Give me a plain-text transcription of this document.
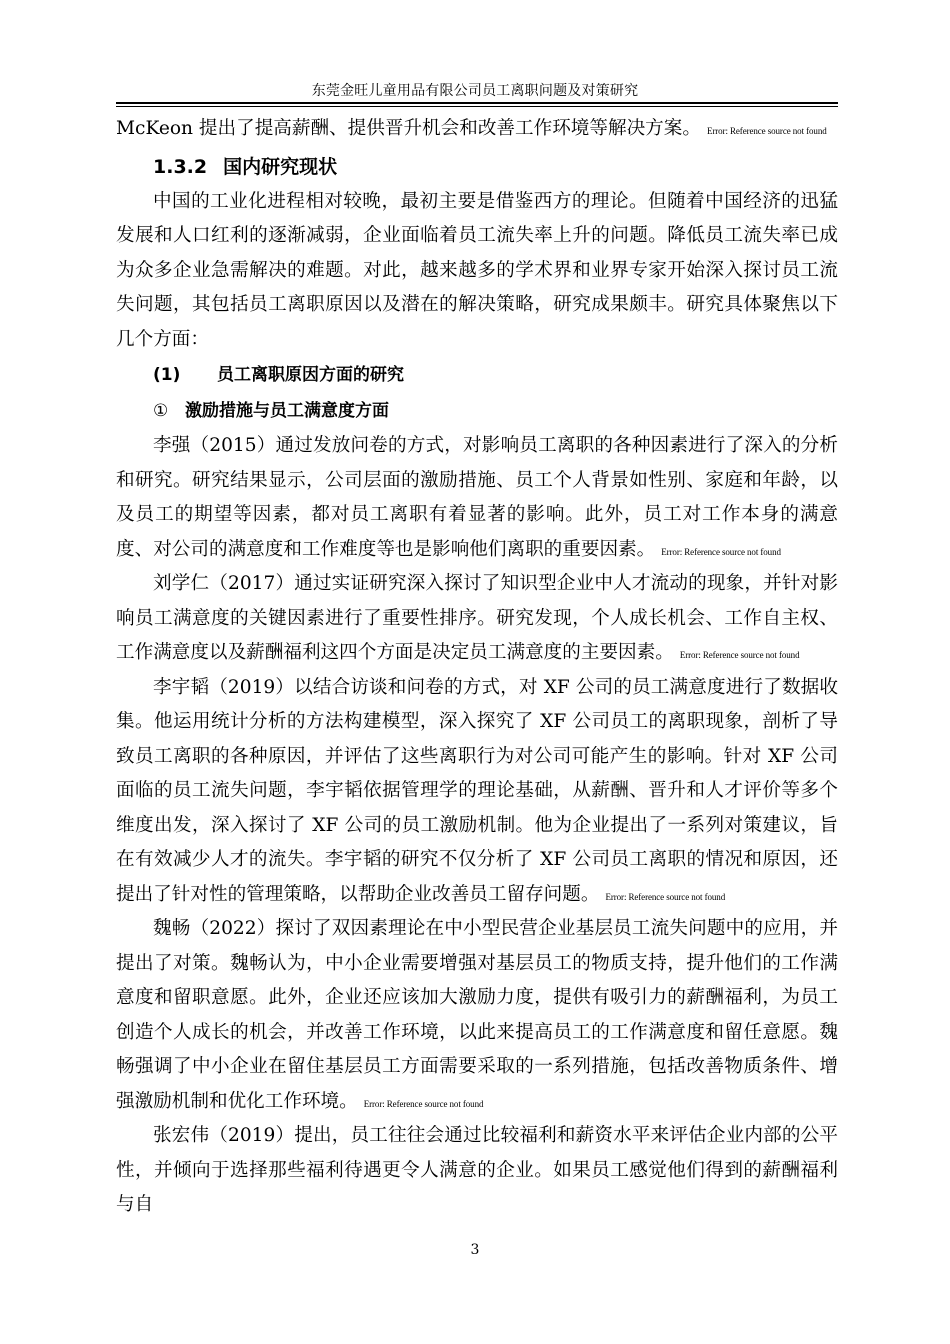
东莞金旺儿童用品有限公司员工离职问题及对策研究

McKeon 提出了提高薪酬、提供晋升机会和改善工作环境等解决方案。 $^{Error: Reference source not found}$

1.3.2 国内研究现状

中国的工业化进程相对较晚，最初主要是借鉴西方的理论。但随着中国经济的迅猛发展和人口红利的逐渐减弱，企业面临着员工流失率上升的问题。降低员工流失率已成为众多企业急需解决的难题。对此，越来越多的学术界和业界专家开始深入探讨员工流失问题，其包括员工离职原因以及潜在的解决策略，研究成果颇丰。研究具体聚焦以下几个方面：

(1) 员工离职原因方面的研究
① 激励措施与员工满意度方面

李强（2015）通过发放问卷的方式，对影响员工离职的各种因素进行了深入的分析和研究。研究结果显示，公司层面的激励措施、员工个人背景如性别、家庭和年龄，以及员工的期望等因素，都对员工离职有着显著的影响。此外，员工对工作本身的满意度、对公司的满意度和工作难度等也是影响他们离职的重要因素。 $^{Error: Reference source not found}$

刘学仁（2017）通过实证研究深入探讨了知识型企业中人才流动的现象，并针对影响员工满意度的关键因素进行了重要性排序。研究发现，个人成长机会、工作自主权、工作满意度以及薪酬福利这四个方面是决定员工满意度的主要因素。 $^{Error: Reference source not found}$

李宇韬（2019）以结合访谈和问卷的方式，对 XF 公司的员工满意度进行了数据收集。他运用统计分析的方法构建模型，深入探究了 XF 公司员工的离职现象，剖析了导致员工离职的各种原因，并评估了这些离职行为对公司可能产生的影响。针对 XF 公司面临的员工流失问题，李宇韬依据管理学的理论基础，从薪酬、晋升和人才评价等多个维度出发，深入探讨了 XF 公司的员工激励机制。他为企业提出了一系列对策建议，旨在有效减少人才的流失。李宇韬的研究不仅分析了 XF 公司员工离职的情况和原因，还提出了针对性的管理策略，以帮助企业改善员工留存问题。 $^{Error: Reference source not found}$

魏畅（2022）探讨了双因素理论在中小型民营企业基层员工流失问题中的应用，并提出了对策。魏畅认为，中小企业需要增强对基层员工的物质支持，提升他们的工作满意度和留职意愿。此外，企业还应该加大激励力度，提供有吸引力的薪酬福利，为员工创造个人成长的机会，并改善工作环境，以此来提高员工的工作满意度和留任意愿。魏畅强调了中小企业在留住基层员工方面需要采取的一系列措施，包括改善物质条件、增强激励机制和优化工作环境。 $^{Error: Reference source not found}$

张宏伟（2019）提出，员工往往会通过比较福利和薪资水平来评估企业内部的公平性，并倾向于选择那些福利待遇更令人满意的企业。如果员工感觉他们得到的薪酬福利与自

3
